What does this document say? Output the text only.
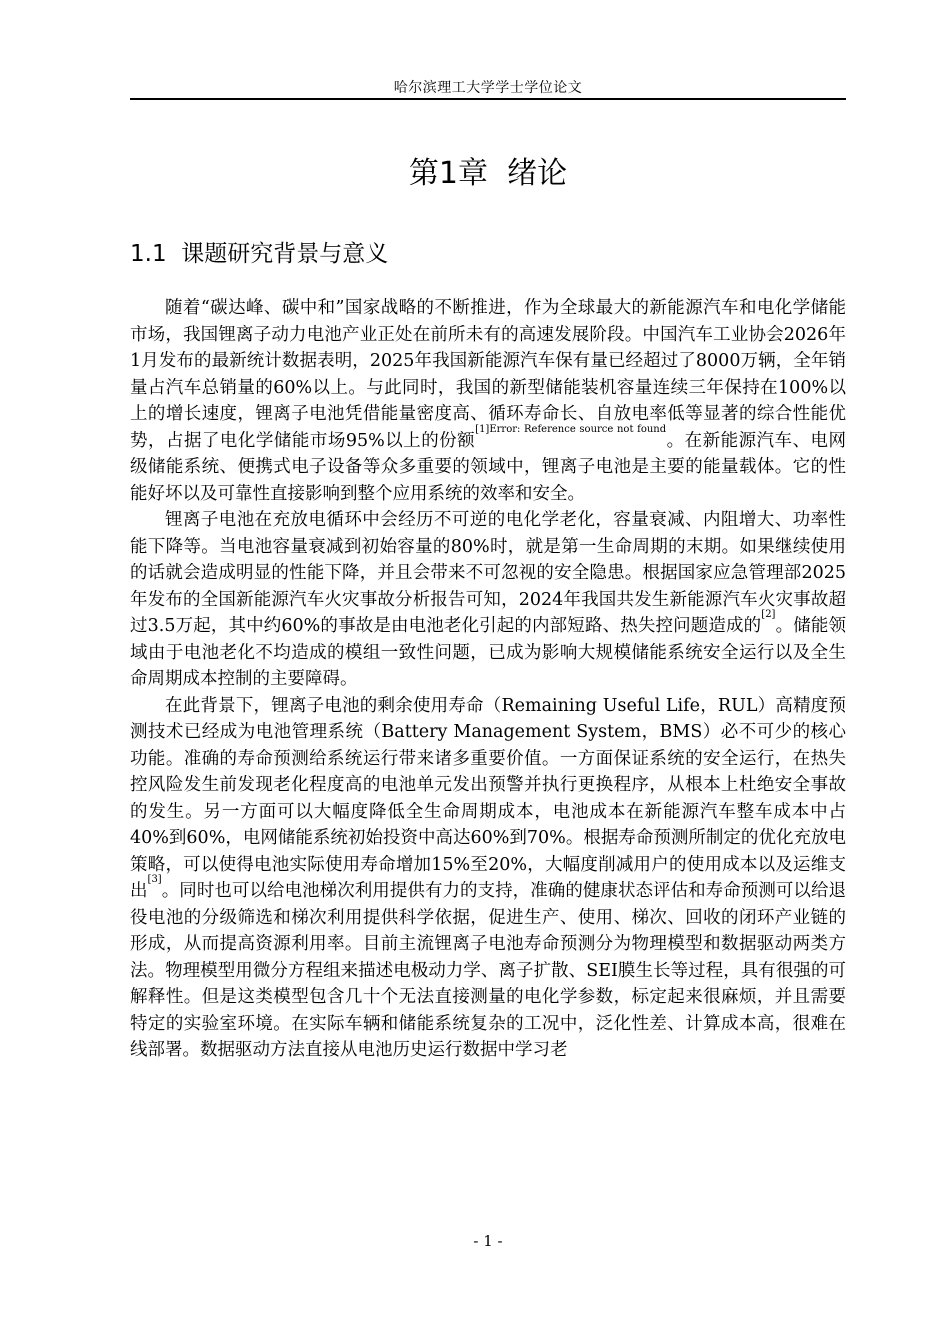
哈尔滨理工大学学士学位论文
第1章  绪论
1.1  课题研究背景与意义

随着“碳达峰、碳中和”国家战略的不断推进，作为全球最大的新能源汽车和电化学储能市场，我国锂离子动力电池产业正处在前所未有的高速发展阶段。中国汽车工业协会2026年1月发布的最新统计数据表明，2025年我国新能源汽车保有量已经超过了8000万辆，全年销量占汽车总销量的60%以上。与此同时，我国的新型储能装机容量连续三年保持在100%以上的增长速度，锂离子电池凭借能量密度高、循环寿命长、自放电率低等显著的综合性能优势，占据了电化学储能市场95%以上的份额$^{[1]Error: Reference source not found}$。在新能源汽车、电网级储能系统、便携式电子设备等众多重要的领域中，锂离子电池是主要的能量载体。它的性能好坏以及可靠性直接影响到整个应用系统的效率和安全。

锂离子电池在充放电循环中会经历不可逆的电化学老化，容量衰减、内阻增大、功率性能下降等。当电池容量衰减到初始容量的80%时，就是第一生命周期的末期。如果继续使用的话就会造成明显的性能下降，并且会带来不可忽视的安全隐患。根据国家应急管理部2025年发布的全国新能源汽车火灾事故分析报告可知，2024年我国共发生新能源汽车火灾事故超过3.5万起，其中约60%的事故是由电池老化引起的内部短路、热失控问题造成的[2]。储能领域由于电池老化不均造成的模组一致性问题，已成为影响大规模储能系统安全运行以及全生命周期成本控制的主要障碍。

在此背景下，锂离子电池的剩余使用寿命（Remaining Useful Life，RUL）高精度预测技术已经成为电池管理系统（Battery Management System，BMS）必不可少的核心功能。准确的寿命预测给系统运行带来诸多重要价值。一方面保证系统的安全运行，在热失控风险发生前发现老化程度高的电池单元发出预警并执行更换程序，从根本上杜绝安全事故的发生。另一方面可以大幅度降低全生命周期成本，电池成本在新能源汽车整车成本中占40%到60%，电网储能系统初始投资中高达60%到70%。根据寿命预测所制定的优化充放电策略，可以使得电池实际使用寿命增加15%至20%，大幅度削减用户的使用成本以及运维支出[3]。同时也可以给电池梯次利用提供有力的支持，准确的健康状态评估和寿命预测可以给退役电池的分级筛选和梯次利用提供科学依据，促进生产、使用、梯次、回收的闭环产业链的形成，从而提高资源利用率。目前主流锂离子电池寿命预测分为物理模型和数据驱动两类方法。物理模型用微分方程组来描述电极动力学、离子扩散、SEI膜生长等过程，具有很强的可解释性。但是这类模型包含几十个无法直接测量的电化学参数，标定起来很麻烦，并且需要特定的实验室环境。在实际车辆和储能系统复杂的工况中，泛化性差、计算成本高，很难在线部署。数据驱动方法直接从电池历史运行数据中学习老

- 1 -
